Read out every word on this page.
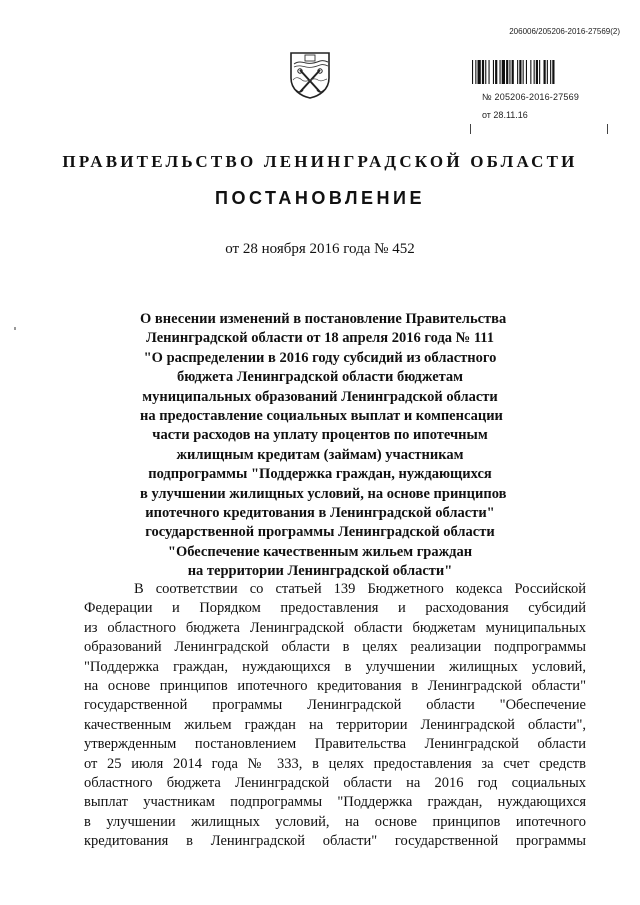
206006/205206-2016-27569(2)
№ 205206-2016-27569
от 28.11.16
ПРАВИТЕЛЬСТВО ЛЕНИНГРАДСКОЙ ОБЛАСТИ
ПОСТАНОВЛЕНИЕ
от 28 ноября 2016 года № 452
О внесении изменений в постановление Правительства
Ленинградской области от 18 апреля 2016 года № 111
"О распределении в 2016 году субсидий из областного
бюджета Ленинградской области бюджетам
муниципальных образований Ленинградской области
на предоставление социальных выплат и компенсации
части расходов на уплату процентов по ипотечным
жилищным кредитам (займам) участникам
подпрограммы "Поддержка граждан, нуждающихся
в улучшении жилищных условий, на основе принципов
ипотечного кредитования в Ленинградской области"
государственной программы Ленинградской области
"Обеспечение качественным жильем граждан
на территории Ленинградской области"
В соответствии со статьей 139 Бюджетного кодекса Российской
Федерации и Порядком предоставления и расходования субсидий
из областного бюджета Ленинградской области бюджетам муниципальных
образований Ленинградской области в целях реализации подпрограммы
"Поддержка граждан, нуждающихся в улучшении жилищных условий,
на основе принципов ипотечного кредитования в Ленинградской области"
государственной программы Ленинградской области "Обеспечение
качественным жильем граждан на территории Ленинградской области",
утвержденным постановлением Правительства Ленинградской области
от 25 июля 2014 года № 333, в целях предоставления за счет средств
областного бюджета Ленинградской области на 2016 год социальных
выплат участникам подпрограммы "Поддержка граждан, нуждающихся
в улучшении жилищных условий, на основе принципов ипотечного
кредитования в Ленинградской области" государственной программы
